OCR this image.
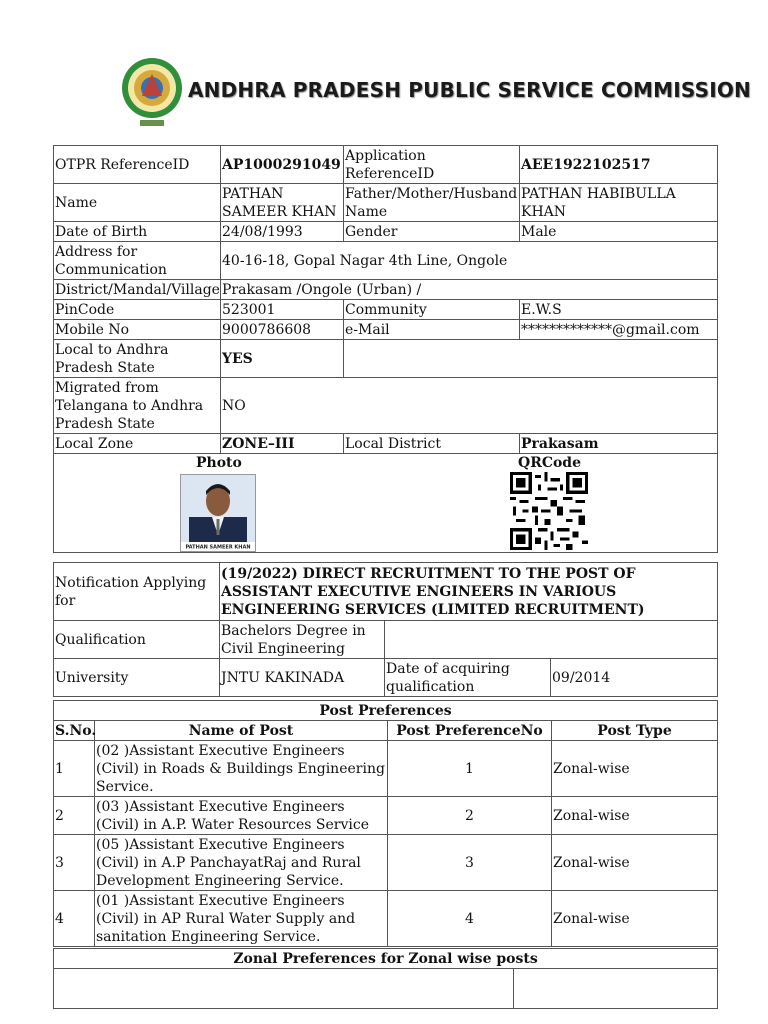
ANDHRA PRADESH PUBLIC SERVICE COMMISSION
OTPR ReferenceID	AP1000291049	Application ReferenceID	AEE1922102517
Name	PATHAN SAMEER KHAN	Father/Mother/Husband Name	PATHAN HABIBULLA KHAN
Date of Birth	24/08/1993	Gender	Male
Address for Communication	40-16-18, Gopal Nagar 4th Line, Ongole		
District/Mandal/Village	Prakasam /Ongole (Urban) /		
PinCode	523001	Community	E.W.S
Mobile No	9000786608	e-Mail	*************@gmail.com
Local to Andhra Pradesh State	YES		
Migrated from Telangana to Andhra Pradesh State	NO		
Local Zone	ZONE–III	Local District	Prakasam

Photo QRCode
PATHAN SAMEER KHAN			
Notification Applying for	(19/2022) DIRECT RECRUITMENT TO THE POST OF ASSISTANT EXECUTIVE ENGINEERS IN VARIOUS ENGINEERING SERVICES (LIMITED RECRUITMENT)		
Qualification	Bachelors Degree in Civil Engineering		
University	JNTU KAKINADA	Date of acquiring qualification	09/2014
Post Preferences			
S.No.	Name of Post	Post PreferenceNo	Post Type
1	(02 )Assistant Executive Engineers (Civil) in Roads & Buildings Engineering Service.	1	Zonal-wise
2	(03 )Assistant Executive Engineers (Civil) in A.P. Water Resources Service	2	Zonal-wise
3	(05 )Assistant Executive Engineers (Civil) in A.P PanchayatRaj and Rural Development Engineering Service.	3	Zonal-wise
4	(01 )Assistant Executive Engineers (Civil) in AP Rural Water Supply and sanitation Engineering Service.	4	Zonal-wise
Zonal Preferences for Zonal wise posts
